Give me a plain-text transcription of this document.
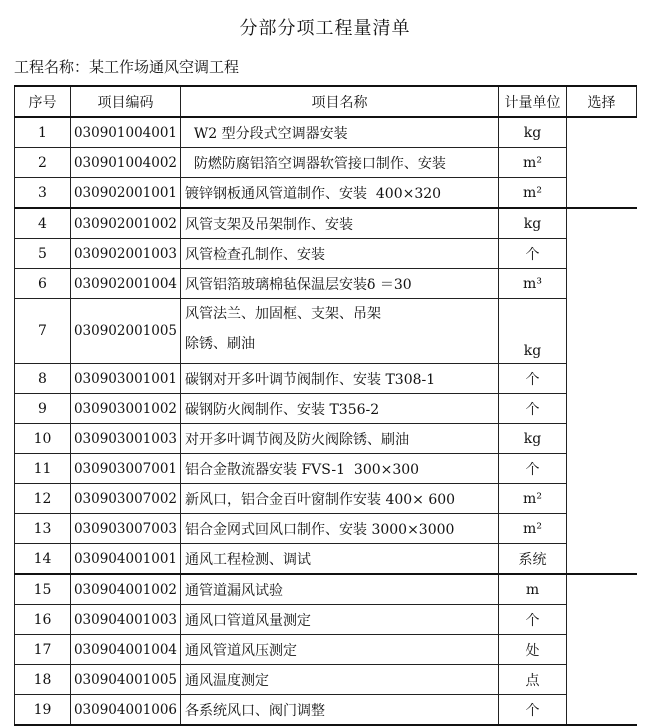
分部分项工程量清单
工程名称：某工作场通风空调工程
序号	项目编码	项目名称	计量单位	选择
1	030901004001	W2 型分段式空调器安装	kg	
2	030901004002	防燃防腐铝箔空调器软管接口制作、安装	m²	
3	030902001001	镀锌钢板通风管道制作、安装  400×320	m²	
4	030902001002	风管支架及吊架制作、安装	kg	
5	030902001003	风管检查孔制作、安装	个	
6	030902001004	风管铝箔玻璃棉毡保温层安装δ ＝30	m³	
7	030902001005	风管法兰、加固框、支架、吊架
除锈、刷油	kg	
8	030903001001	碳钢对开多叶调节阀制作、安装 T308-1	个	
9	030903001002	碳钢防火阀制作、安装 T356-2	个	
10	030903001003	对开多叶调节阀及防火阀除锈、刷油	kg	
11	030903007001	铝合金散流器安装 FVS-1  300×300	个	
12	030903007002	新风口，铝合金百叶窗制作安装 400× 600	m²	
13	030903007003	铝合金网式回风口制作、安装 3000×3000	m²	
14	030904001001	通风工程检测、调试	系统	
15	030904001002	通管道漏风试验	m	
16	030904001003	通风口管道风量测定	个	
17	030904001004	通风管道风压测定	处	
18	030904001005	通风温度测定	点	
19	030904001006	各系统风口、阀门调整	个	
